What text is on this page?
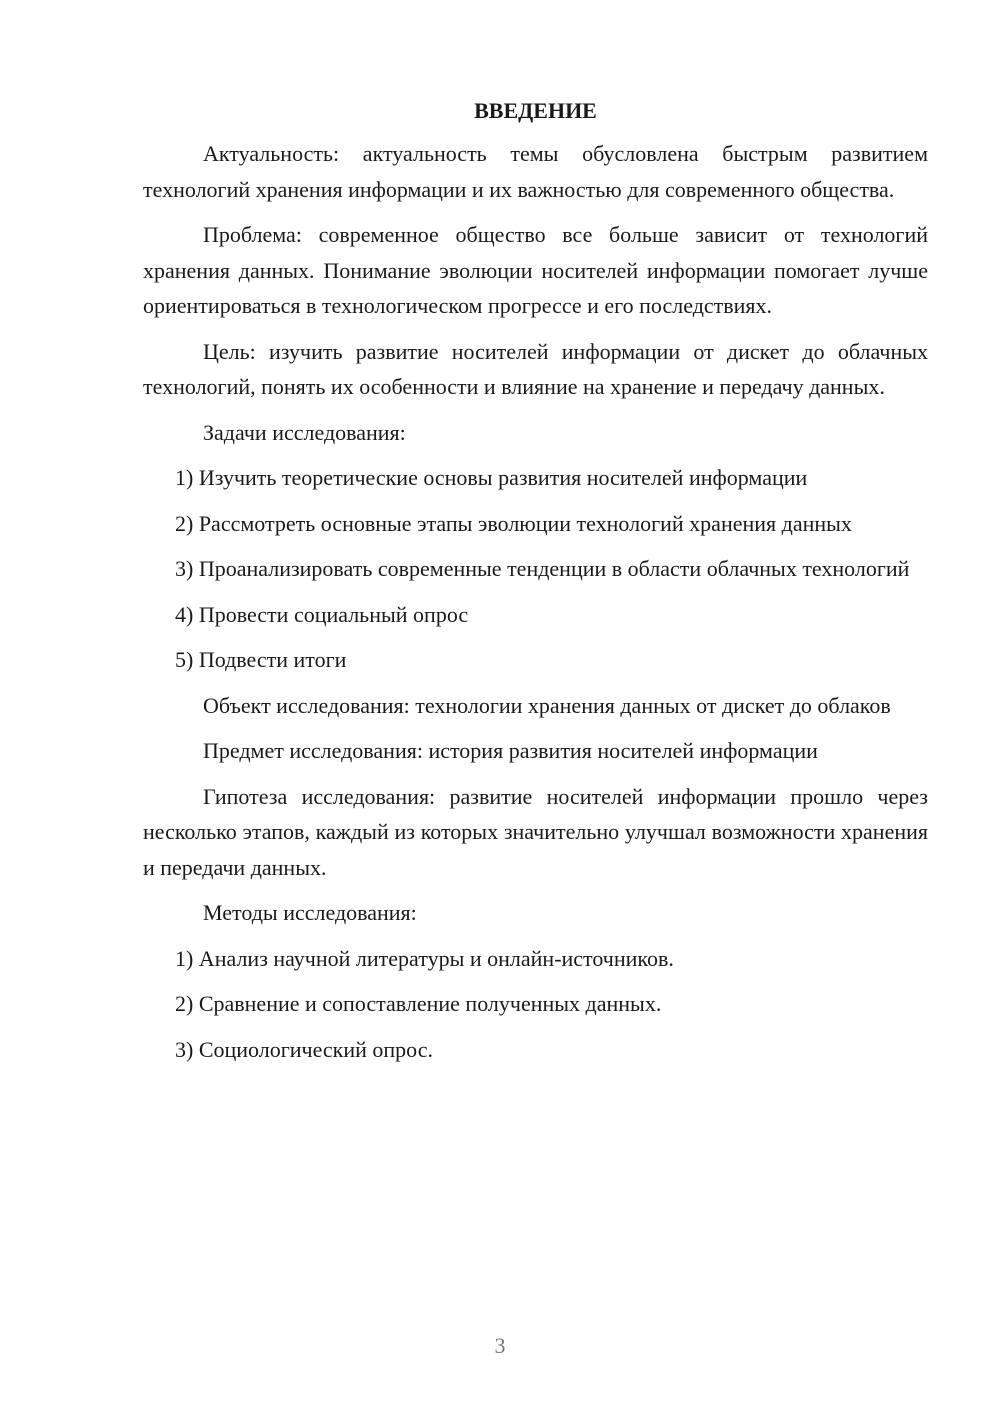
ВВЕДЕНИЕ

Актуальность: актуальность темы обусловлена быстрым развитием технологий хранения информации и их важностью для современного общества.

Проблема: современное общество все больше зависит от технологий хранения данных. Понимание эволюции носителей информации помогает лучше ориентироваться в технологическом прогрессе и его последствиях.

Цель: изучить развитие носителей информации от дискет до облачных технологий, понять их особенности и влияние на хранение и передачу данных.

Задачи исследования:

1) Изучить теоретические основы развития носителей информации

2) Рассмотреть основные этапы эволюции технологий хранения данных

3) Проанализировать современные тенденции в области облачных технологий

4) Провести социальный опрос

5) Подвести итоги

Объект исследования: технологии хранения данных от дискет до облаков

Предмет исследования: история развития носителей информации

Гипотеза исследования: развитие носителей информации прошло через несколько этапов, каждый из которых значительно улучшал возможности хранения и передачи данных.

Методы исследования:

1) Анализ научной литературы и онлайн-источников.

2) Сравнение и сопоставление полученных данных.

3) Социологический опрос.

3
